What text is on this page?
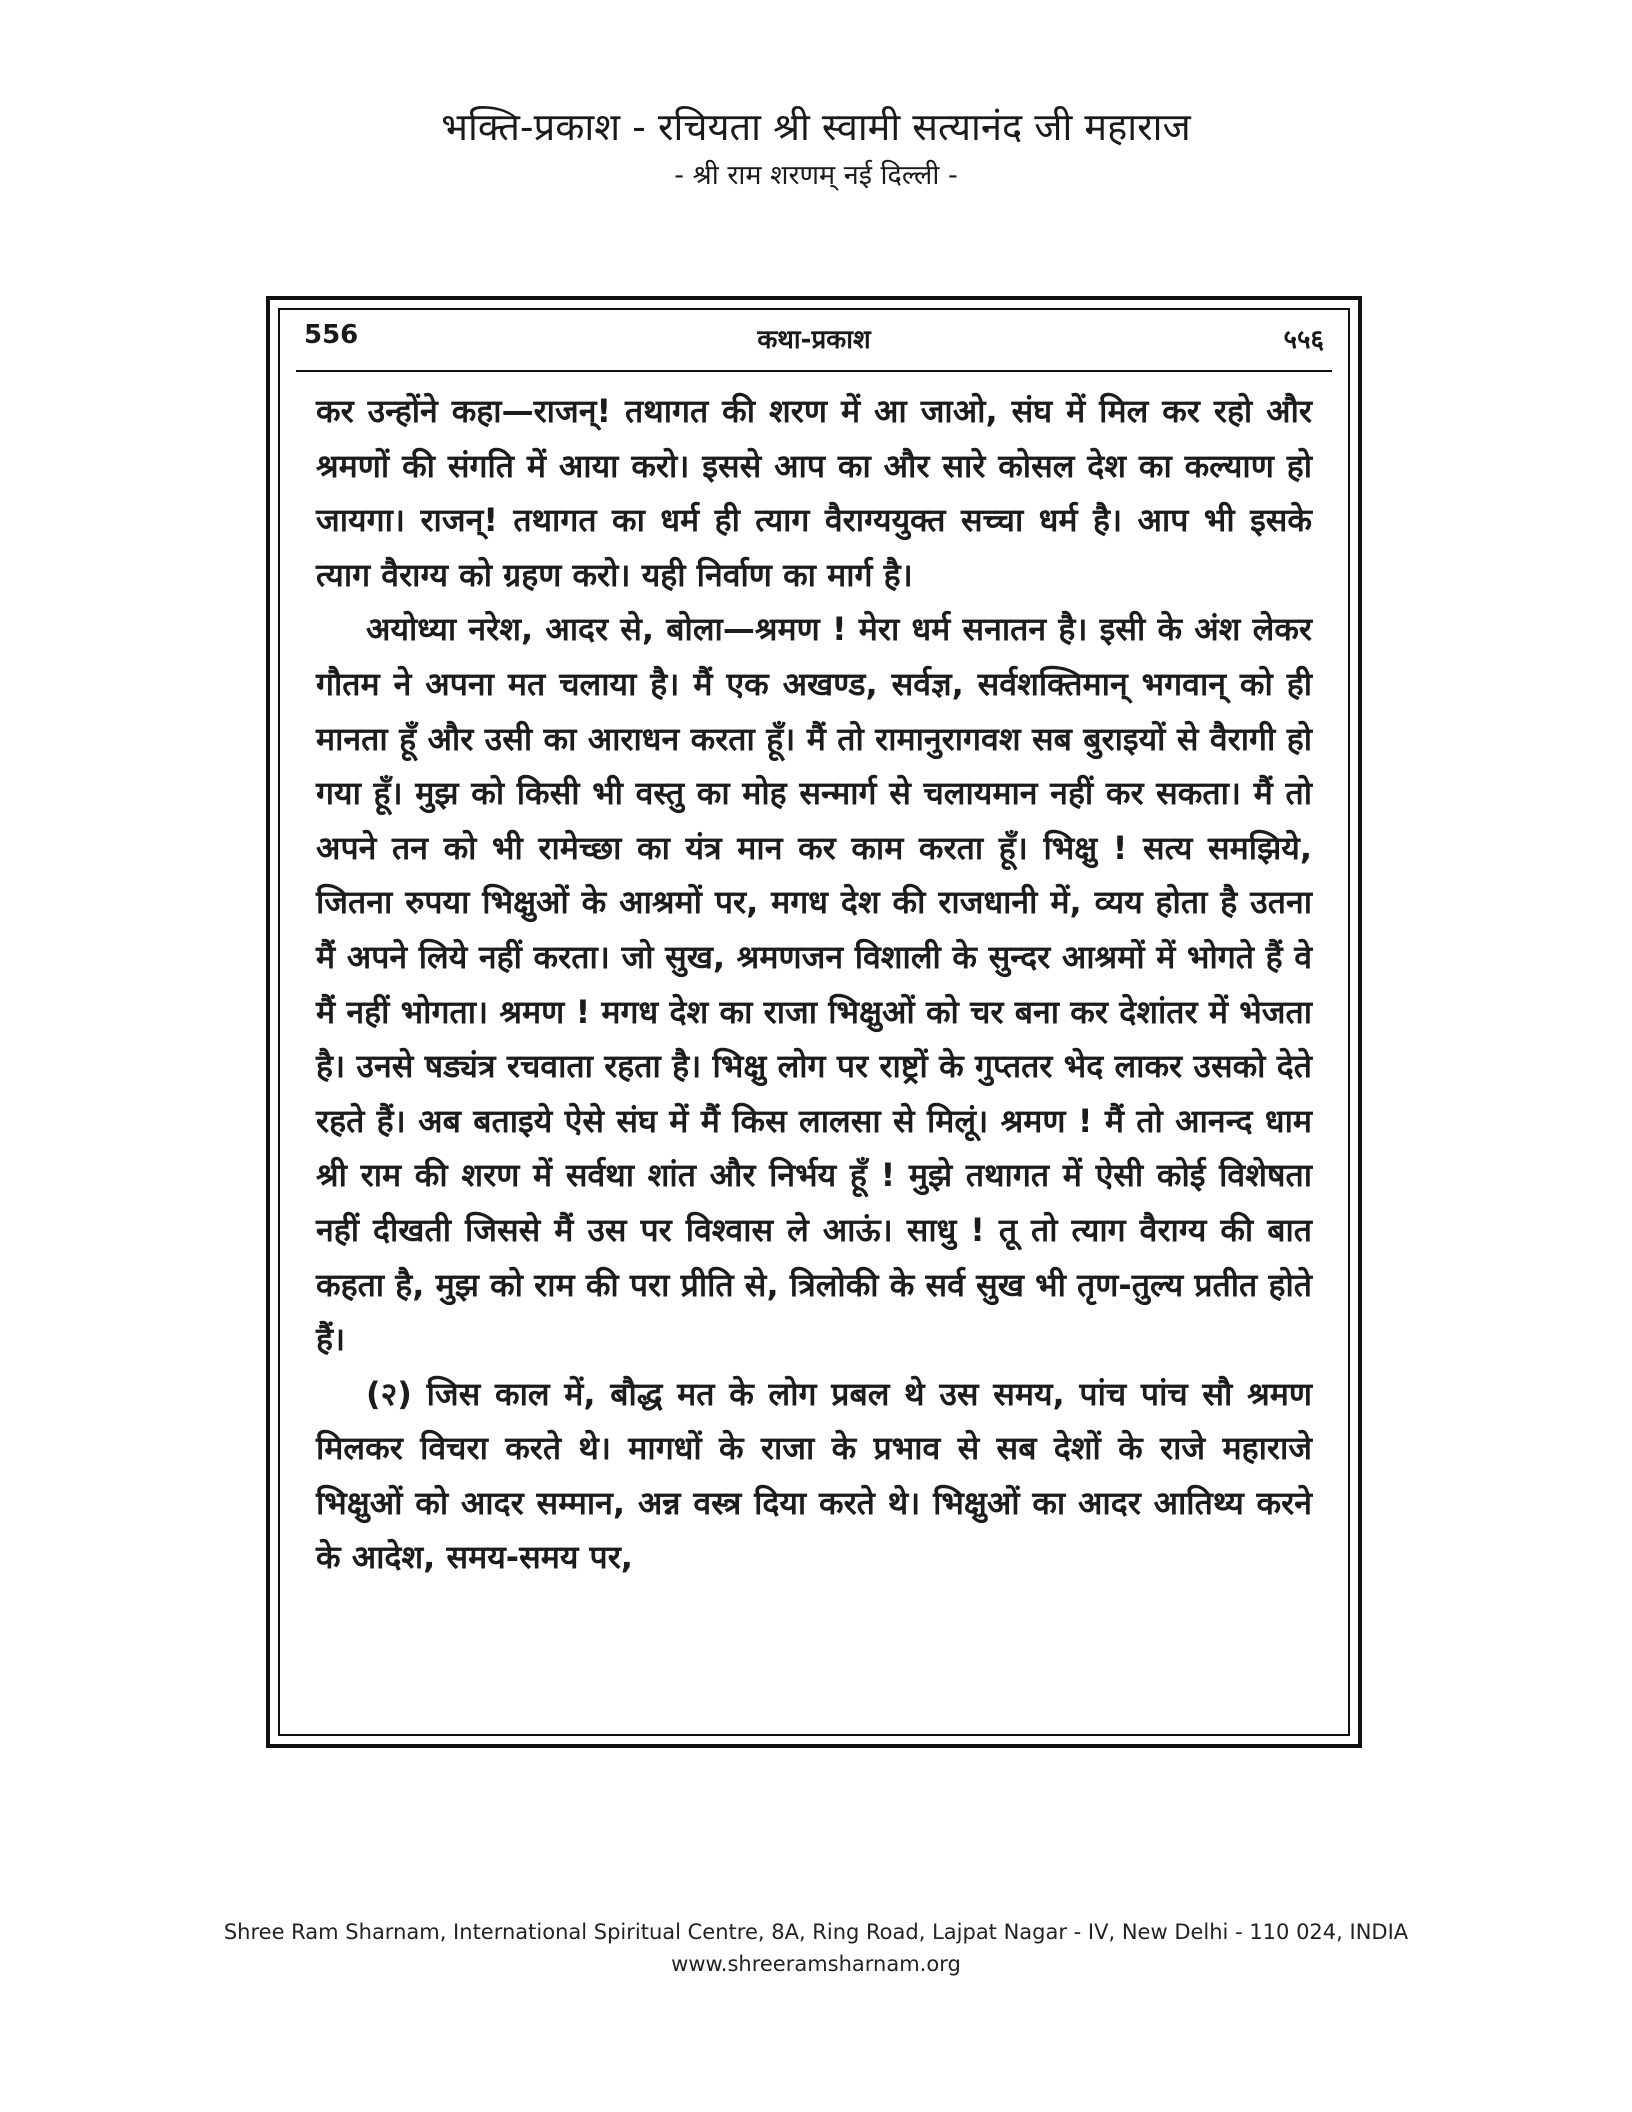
भक्ति-प्रकाश - रचियता श्री स्वामी सत्यानंद जी महाराज

- श्री राम शरणम् नई दिल्ली -

556	कथा-प्रकाश	५५६

कर उन्होंने कहा—राजन्! तथागत की शरण में आ जाओ, संघ में मिल कर रहो और श्रमणों की संगति में आया करो। इससे आप का और सारे कोसल देश का कल्याण हो जायगा। राजन्! तथागत का धर्म ही त्याग वैराग्ययुक्त सच्चा धर्म है। आप भी इसके त्याग वैराग्य को ग्रहण करो। यही निर्वाण का मार्ग है।

अयोध्या नरेश, आदर से, बोला—श्रमण ! मेरा धर्म सनातन है। इसी के अंश लेकर गौतम ने अपना मत चलाया है। मैं एक अखण्ड, सर्वज्ञ, सर्वशक्तिमान् भगवान् को ही मानता हूँ और उसी का आराधन करता हूँ। मैं तो रामानुरागवश सब बुराइयों से वैरागी हो गया हूँ। मुझ को किसी भी वस्तु का मोह सन्मार्ग से चलायमान नहीं कर सकता। मैं तो अपने तन को भी रामेच्छा का यंत्र मान कर काम करता हूँ। भिक्षु ! सत्य समझिये, जितना रुपया भिक्षुओं के आश्रमों पर, मगध देश की राजधानी में, व्यय होता है उतना मैं अपने लिये नहीं करता। जो सुख, श्रमणजन विशाली के सुन्दर आश्रमों में भोगते हैं वे मैं नहीं भोगता। श्रमण ! मगध देश का राजा भिक्षुओं को चर बना कर देशांतर में भेजता है। उनसे षड्यंत्र रचवाता रहता है। भिक्षु लोग पर राष्ट्रों के गुप्ततर भेद लाकर उसको देते रहते हैं। अब बताइये ऐसे संघ में मैं किस लालसा से मिलूं। श्रमण ! मैं तो आनन्द धाम श्री राम की शरण में सर्वथा शांत और निर्भय हूँ ! मुझे तथागत में ऐसी कोई विशेषता नहीं दीखती जिससे मैं उस पर विश्वास ले आऊं। साधु ! तू तो त्याग वैराग्य की बात कहता है, मुझ को राम की परा प्रीति से, त्रिलोकी के सर्व सुख भी तृण-तुल्य प्रतीत होते हैं।

(२) जिस काल में, बौद्ध मत के लोग प्रबल थे उस समय, पांच पांच सौ श्रमण मिलकर विचरा करते थे। मागधों के राजा के प्रभाव से सब देशों के राजे महाराजे भिक्षुओं को आदर सम्मान, अन्न वस्त्र दिया करते थे। भिक्षुओं का आदर आतिथ्य करने के आदेश, समय-समय पर,

Shree Ram Sharnam, International Spiritual Centre, 8A, Ring Road, Lajpat Nagar - IV, New Delhi - 110 024, INDIA

www.shreeramsharnam.org
